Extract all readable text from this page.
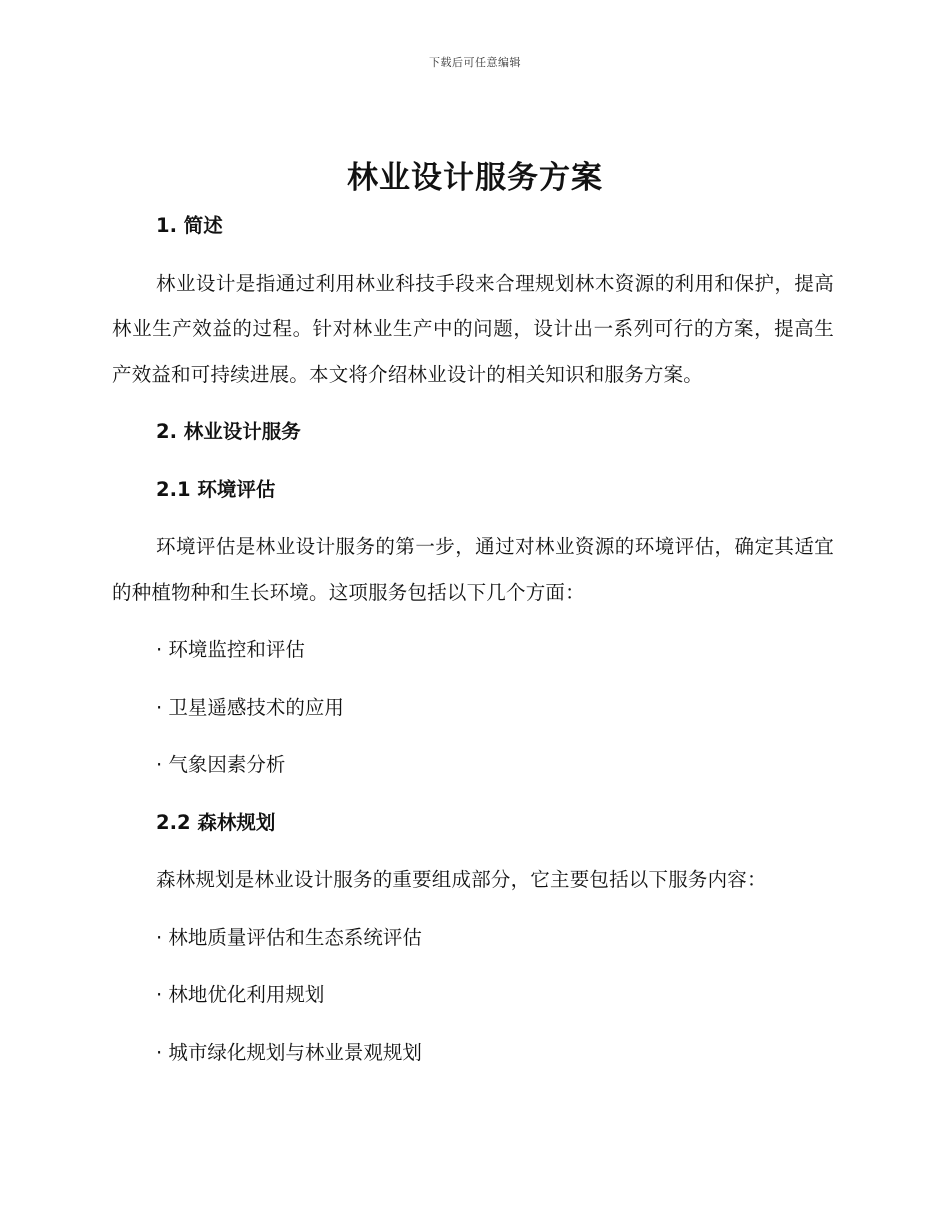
下载后可任意编辑
林业设计服务方案
1. 简述
林业设计是指通过利用林业科技手段来合理规划林木资源的利用和保护，提高林业生产效益的过程。针对林业生产中的问题，设计出一系列可行的方案，提高生产效益和可持续进展。本文将介绍林业设计的相关知识和服务方案。
2. 林业设计服务
2.1 环境评估
环境评估是林业设计服务的第一步，通过对林业资源的环境评估，确定其适宜的种植物种和生长环境。这项服务包括以下几个方面：
· 环境监控和评估
· 卫星遥感技术的应用
· 气象因素分析
2.2 森林规划
森林规划是林业设计服务的重要组成部分，它主要包括以下服务内容：
· 林地质量评估和生态系统评估
· 林地优化利用规划
· 城市绿化规划与林业景观规划
